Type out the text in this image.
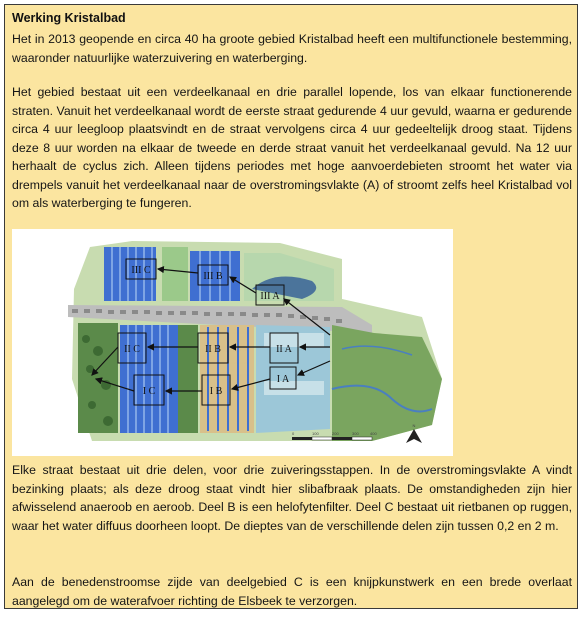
Werking Kristalbad

Het in 2013 geopende en circa 40 ha groote gebied Kristalbad heeft een multifunctionele bestemming, waaronder natuurlijke waterzuivering en waterberging.

Het gebied bestaat uit een verdeelkanaal en drie parallel lopende, los van elkaar functionerende straten. Vanuit het verdeelkanaal wordt de eerste straat gedurende 4 uur gevuld, waarna er gedurende circa 4 uur leegloop plaatsvindt en de straat vervolgens circa 4 uur gedeeltelijk droog staat. Tijdens deze 8 uur worden na elkaar de tweede en derde straat vanuit het verdeelkanaal gevuld. Na 12 uur herhaalt de cyclus zich. Alleen tijdens periodes met hoge aanvoerdebieten stroomt het water via drempels vanuit het verdeelkanaal naar de overstromingsvlakte (A) of stroomt zelfs heel Kristalbad vol om als waterberging te fungeren.

III C
III B
III A
II C	II B	II A
I C	I B
I A
0	100	200	300	400
N

Elke straat bestaat uit drie delen, voor drie zuiveringsstappen. In de overstromingsvlakte A vindt bezinking plaats; als deze droog staat vindt hier slibafbraak plaats. De omstandigheden zijn hier afwisselend anaeroob en aeroob. Deel B is een helofytenfilter. Deel C bestaat uit rietbanen op ruggen, waar het water diffuus doorheen loopt. De dieptes van de verschillende delen zijn tussen 0,2 en 2 m.

Aan de benedenstroomse zijde van deelgebied C is een knijpkunstwerk en een brede overlaat aangelegd om de waterafvoer richting de Elsbeek te verzorgen.
